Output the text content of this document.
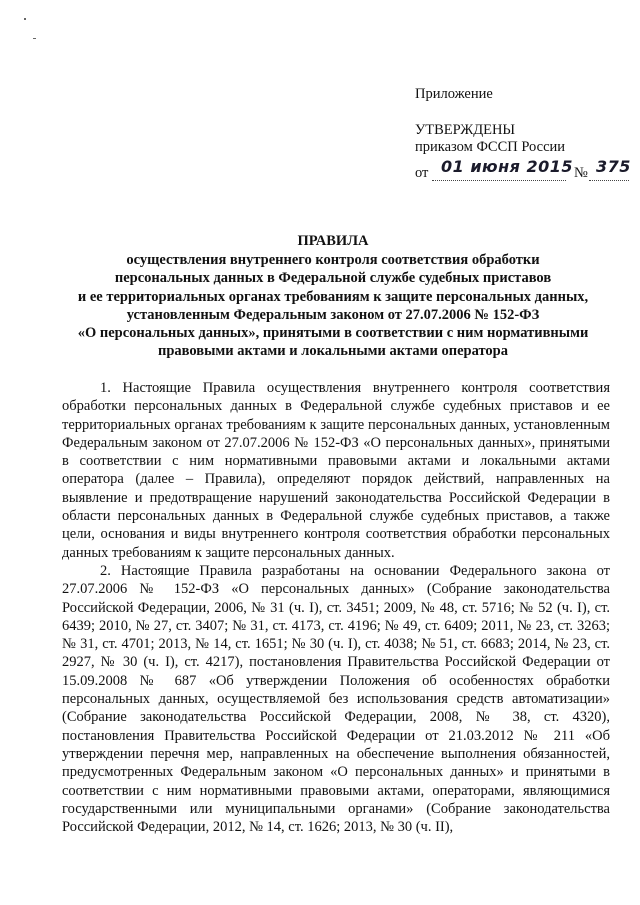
Приложение
УТВЕРЖДЕНЫ
приказом ФССП России
от 01 июня 2015 № 375
ПРАВИЛА
осуществления внутреннего контроля соответствия обработки
персональных данных в Федеральной службе судебных приставов
и ее территориальных органах требованиям к защите персональных данных,
установленным Федеральным законом от 27.07.2006 № 152-ФЗ
«О персональных данных», принятыми в соответствии с ним нормативными
правовыми актами и локальными актами оператора

1. Настоящие Правила осуществления внутреннего контроля соответствия обработки персональных данных в Федеральной службе судебных приставов и ее территориальных органах требованиям к защите персональных данных, установленным Федеральным законом от 27.07.2006 № 152-ФЗ «О персональных данных», принятыми в соответствии с ним нормативными правовыми актами и локальными актами оператора (далее – Правила), определяют порядок действий, направленных на выявление и предотвращение нарушений законодательства Российской Федерации в области персональных данных в Федеральной службе судебных приставов, а также цели, основания и виды внутреннего контроля соответствия обработки персональных данных требованиям к защите персональных данных.

2. Настоящие Правила разработаны на основании Федерального закона от 27.07.2006 № 152-ФЗ «О персональных данных» (Собрание законодательства Российской Федерации, 2006, № 31 (ч. I), ст. 3451; 2009, № 48, ст. 5716; № 52 (ч. I), ст. 6439; 2010, № 27, ст. 3407; № 31, ст. 4173, ст. 4196; № 49, ст. 6409; 2011, № 23, ст. 3263; № 31, ст. 4701; 2013, № 14, ст. 1651; № 30 (ч. I), ст. 4038; № 51, ст. 6683; 2014, № 23, ст. 2927, № 30 (ч. I), ст. 4217), постановления Правительства Российской Федерации от 15.09.2008 № 687 «Об утверждении Положения об особенностях обработки персональных данных, осуществляемой без использования средств автоматизации» (Собрание законодательства Российской Федерации, 2008, № 38, ст. 4320), постановления Правительства Российской Федерации от 21.03.2012 № 211 «Об утверждении перечня мер, направленных на обеспечение выполнения обязанностей, предусмотренных Федеральным законом «О персональных данных» и принятыми в соответствии с ним нормативными правовыми актами, операторами, являющимися государственными или муниципальными органами» (Собрание законодательства Российской Федерации, 2012, № 14, ст. 1626; 2013, № 30 (ч. II),
